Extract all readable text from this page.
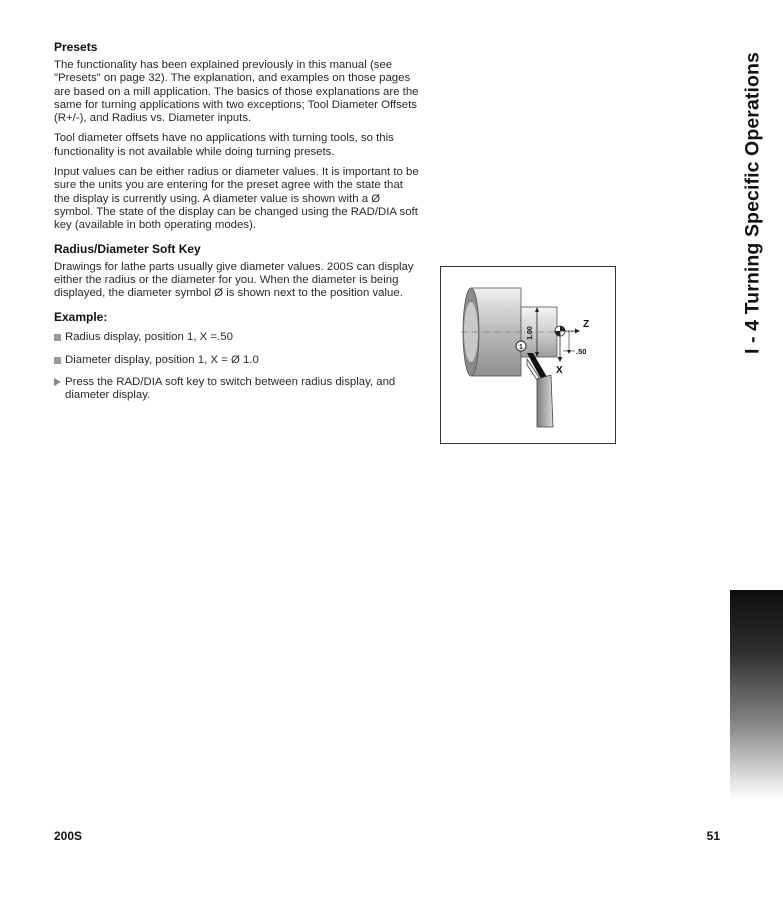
Presets

The functionality has been explained previously in this manual (see "Presets" on page 32). The explanation, and examples on those pages are based on a mill application. The basics of those explanations are the same for turning applications with two exceptions; Tool Diameter Offsets (R+/-), and Radius vs. Diameter inputs.

Tool diameter offsets have no applications with turning tools, so this functionality is not available while doing turning presets.

Input values can be either radius or diameter values. It is important to be sure the units you are entering for the preset agree with the state that the display is currently using. A diameter value is shown with a Ø symbol. The state of the display can be changed using the RAD/DIA soft key (available in both operating modes).

Radius/Diameter Soft Key

Drawings for lathe parts usually give diameter values. 200S can display either the radius or the diameter for you. When the diameter is being displayed, the diameter symbol Ø is shown next to the position value.

Example:
Radius display, position 1, X =.50
Diameter display, position 1, X = Ø 1.0
Press the RAD/DIA soft key to switch between radius display, and diameter display.
1.00
Z
X
.50
1	I - 4 Turning Specific Operations
200S	51
